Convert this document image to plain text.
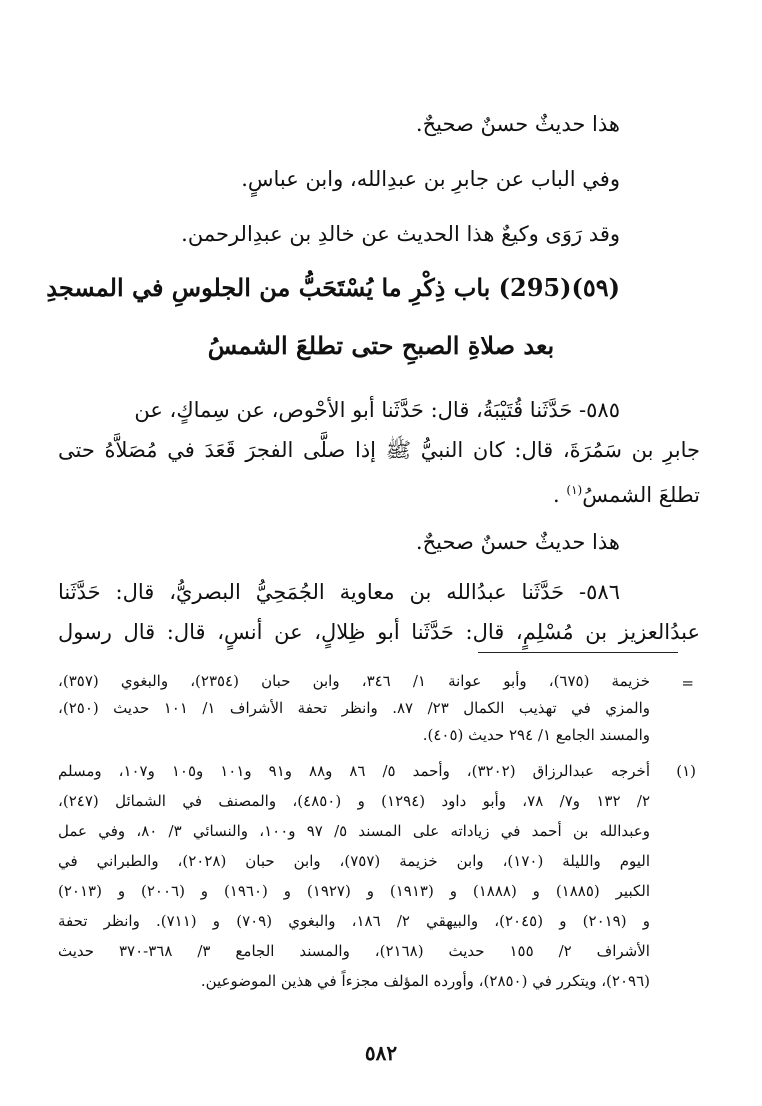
هذا حديثٌ حسنٌ صحيحٌ.
وفي الباب عن جابرِ بن عبدِالله، وابن عباسٍ.
وقد رَوَى وكيعٌ هذا الحديث عن خالدِ بن عبدِالرحمن.
(٥٩)(295) باب ذِكْرِ ما يُسْتَحَبُّ من الجلوسِ في المسجدِ
بعد صلاةِ الصبحِ حتى تطلعَ الشمسُ
٥٨٥- حَدَّثَنا قُتَيْبَةُ، قال: حَدَّثَنا أبو الأحْوص، عن سِماكٍ، عن
جابرِ بن سَمُرَةَ، قال: كان النبيُّ ﷺ إذا صلَّى الفجرَ قَعَدَ في مُصَلاَّهُ حتى
تطلعَ الشمسُ$^{(١)}$ .
هذا حديثٌ حسنٌ صحيحٌ.
٥٨٦- حَدَّثَنا عبدُالله بن معاوية الجُمَحِيُّ البصريُّ، قال: حَدَّثَنا
عبدُالعزيز بن مُسْلِمٍ، قال: حَدَّثَنا أبو ظِلالٍ، عن أنسٍ، قال: قال رسول
=
خزيمة (٦٧٥)، وأبو عوانة ١/ ٣٤٦، وابن حبان (٢٣٥٤)، والبغوي (٣٥٧)،
والمزي في تهذيب الكمال ٢٣/ ٨٧. وانظر تحفة الأشراف ١/ ١٠١ حديث (٢٥٠)،
والمسند الجامع ١/ ٢٩٤ حديث (٤٠٥).
(١)
أخرجه عبدالرزاق (٣٢٠٢)، وأحمد ٥/ ٨٦ و٨٨ و٩١ و١٠١ و١٠٥ و١٠٧، ومسلم
٢/ ١٣٢ و٧/ ٧٨، وأبو داود (١٢٩٤) و (٤٨٥٠)، والمصنف في الشمائل (٢٤٧)،
وعبدالله بن أحمد في زياداته على المسند ٥/ ٩٧ و١٠٠، والنسائي ٣/ ٨٠، وفي عمل
اليوم والليلة (١٧٠)، وابن خزيمة (٧٥٧)، وابن حبان (٢٠٢٨)، والطبراني في
الكبير (١٨٨٥) و (١٨٨٨) و (١٩١٣) و (١٩٢٧) و (١٩٦٠) و (٢٠٠٦) و (٢٠١٣)
و (٢٠١٩) و (٢٠٤٥)، والبيهقي ٢/ ١٨٦، والبغوي (٧٠٩) و (٧١١). وانظر تحفة
الأشراف ٢/ ١٥٥ حديث (٢١٦٨)، والمسند الجامع ٣/ ٣٦٨-٣٧٠ حديث
(٢٠٩٦)، ويتكرر في (٢٨٥٠)، وأورده المؤلف مجزءاً في هذين الموضوعين.
٥٨٢
